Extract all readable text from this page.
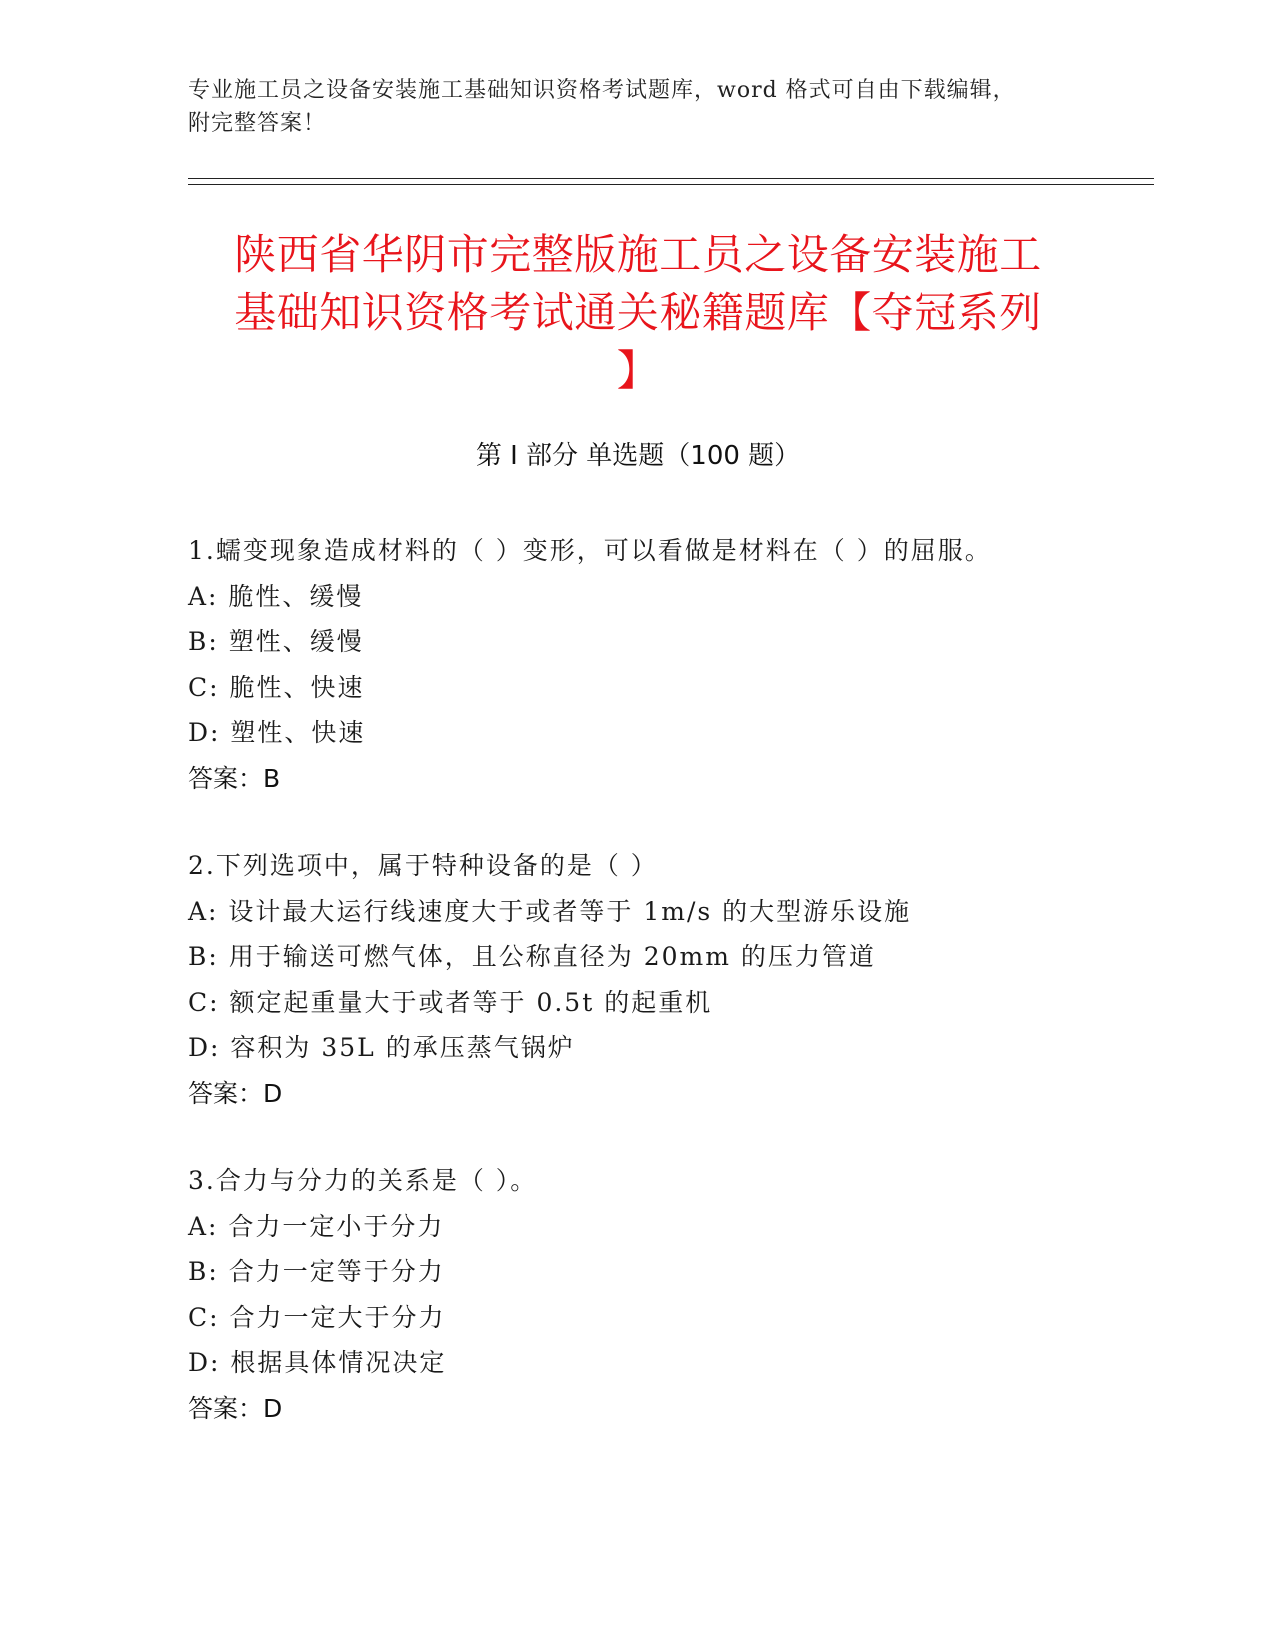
专业施工员之设备安装施工基础知识资格考试题库，word 格式可自由下载编辑，
附完整答案！
陕西省华阴市完整版施工员之设备安装施工
基础知识资格考试通关秘籍题库【夺冠系列
】
第 I 部分 单选题（100 题）
1.蠕变现象造成材料的（ ）变形，可以看做是材料在（ ）的屈服。
A: 脆性、缓慢
B: 塑性、缓慢
C: 脆性、快速
D: 塑性、快速
答案：B
2.下列选项中，属于特种设备的是（ ）
A: 设计最大运行线速度大于或者等于 1m/s 的大型游乐设施
B: 用于输送可燃气体，且公称直径为 20mm 的压力管道
C: 额定起重量大于或者等于 0.5t 的起重机
D: 容积为 35L 的承压蒸气锅炉
答案：D
3.合力与分力的关系是（ ）。
A: 合力一定小于分力
B: 合力一定等于分力
C: 合力一定大于分力
D: 根据具体情况决定
答案：D
